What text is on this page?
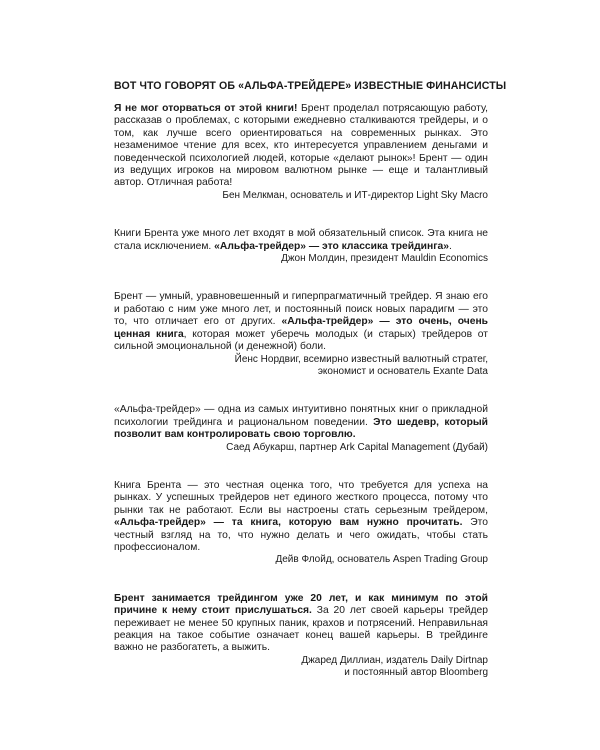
ВОТ ЧТО ГОВОРЯТ ОБ «АЛЬФА-ТРЕЙДЕРЕ» ИЗВЕСТНЫЕ ФИНАНСИСТЫ

Я не мог оторваться от этой книги! Брент проделал потрясающую работу, рассказав о проблемах, с которыми ежедневно сталкиваются трейдеры, и о том, как лучше всего ориентироваться на современных рынках. Это незаменимое чтение для всех, кто интересуется управлением деньгами и поведенческой психологией людей, которые «делают рынок»! Брент — один из ведущих игроков на мировом валютном рынке — еще и талантливый автор. Отличная работа!

Бен Мелкман, основатель и ИТ-директор Light Sky Macro

Книги Брента уже много лет входят в мой обязательный список. Эта книга не стала исключением. «Альфа-трейдер» — это классика трейдинга».

Джон Молдин, президент Mauldin Economics

Брент — умный, уравновешенный и гиперпрагматичный трейдер. Я знаю его и работаю с ним уже много лет, и постоянный поиск новых парадигм — это то, что отличает его от других. «Альфа-трейдер» — это очень, очень ценная книга, которая может уберечь молодых (и старых) трейдеров от сильной эмоциональной (и денежной) боли.

Йенс Нордвиг, всемирно известный валютный стратег,

экономист и основатель Exante Data

«Альфа-трейдер» — одна из самых интуитивно понятных книг о прикладной психологии трейдинга и рациональном поведении. Это шедевр, который позволит вам контролировать свою торговлю.

Саед Абукарш, партнер Ark Capital Management (Дубай)

Книга Брента — это честная оценка того, что требуется для успеха на рынках. У успешных трейдеров нет единого жесткого процесса, потому что рынки так не работают. Если вы настроены стать серьезным трейдером, «Альфа-трейдер» — та книга, которую вам нужно прочитать. Это честный взгляд на то, что нужно делать и чего ожидать, чтобы стать профессионалом.

Дейв Флойд, основатель Aspen Trading Group

Брент занимается трейдингом уже 20 лет, и как минимум по этой причине к нему стоит прислушаться. За 20 лет своей карьеры трейдер переживает не менее 50 крупных паник, крахов и потрясений. Неправильная реакция на такое событие означает конец вашей карьеры. В трейдинге важно не разбогатеть, а выжить.

Джаред Диллиан, издатель Daily Dirtnap

и постоянный автор Bloomberg
